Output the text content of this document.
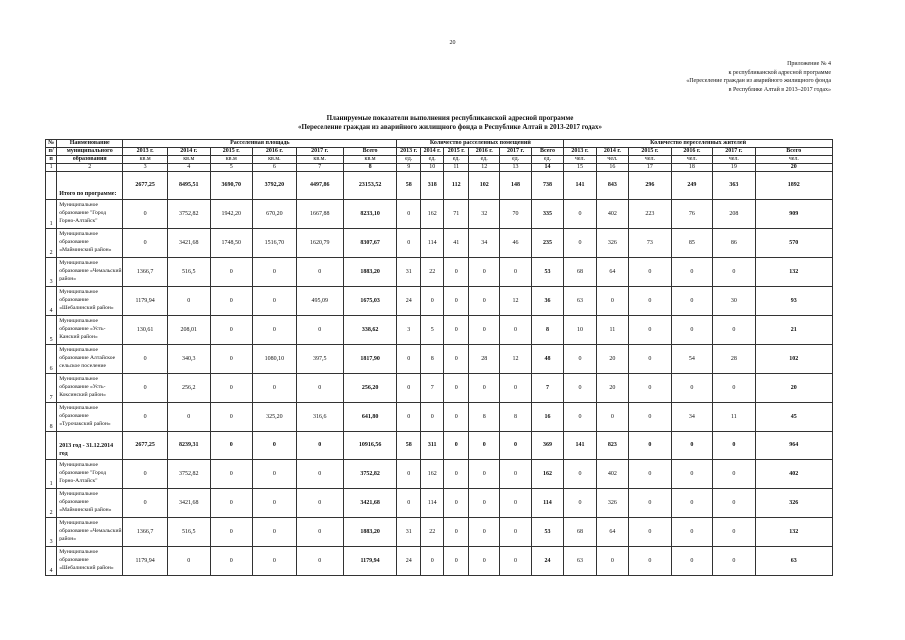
20
Приложение № 4
к республиканской адресной программе
«Переселение граждан из аварийного жилищного фонда
в Республике Алтай в 2013–2017 годах»
Планируемые показатели выполнения республиканской адресной программе
«Переселение граждан из аварийного жилищного фонда в Республике Алтай в 2013-2017 годах»
№	Наименование	Расселенная площадь						Количество расселенных помещений						Количество переселенных жителей					
п/	муниципального	2013 г.	2014 г.	2015 г.	2016 г.	2017 г.	Всего	2013 г.	2014 г.	2015 г.	2016 г.	2017 г.	Всего	2013 г.	2014 г.	2015 г.	2016 г.	2017 г.	Всего
п	образования	кв.м	кв.м	кв.м	кв.м.	кв.м.	кв.м	ед.	ед.	ед.	ед.	ед.	ед.	чел.	чел.	чел.	чел.	чел.	чел.
1	2	3	4	5	6	7	8	9	10	11	12	13	14	15	16	17	18	19	20
	Итого по программе:	2677,25	8495,51	3690,70	3792,20	4497,86	23153,52	58	318	112	102	148	738	141	843	296	249	363	1892
1	Муниципальное образование "Город Горно-Алтайск"	0	3752,82	1942,20	670,20	1667,88	8233,10	0	162	71	32	70	335	0	402	223	76	208	909
2	Муниципальное образование «Майминский район»	0	3421,68	1748,50	1516,70	1620,79	8307,67	0	114	41	34	46	235	0	326	73	85	86	570
3	Муниципальное образование «Чемальский район»	1366,7	516,5	0	0	0	1883,20	31	22	0	0	0	53	68	64	0	0	0	132
4	Муниципальное образование «Шебалинский район»	1179,94	0	0	0	495,09	1675,03	24	0	0	0	12	36	63	0	0	0	30	93
5	Муниципальное образование «Усть-Канский район»	130,61	208,01	0	0	0	338,62	3	5	0	0	0	8	10	11	0	0	0	21
6	Муниципальное образование Алтайское сельское поселение	0	340,3	0	1080,10	397,5	1817,90	0	8	0	28	12	48	0	20	0	54	28	102
7	Муниципальное образование «Усть-Коксинский район»	0	256,2	0	0	0	256,20	0	7	0	0	0	7	0	20	0	0	0	20
8	Муниципальное образование «Турочакский район»	0	0	0	325,20	316,6	641,80	0	0	0	8	8	16	0	0	0	34	11	45
	2013 год - 31.12.2014 год	2677,25	8239,31	0	0	0	10916,56	58	311	0	0	0	369	141	823	0	0	0	964
1	Муниципальное образование "Город Горно-Алтайск"	0	3752,82	0	0	0	3752,82	0	162	0	0	0	162	0	402	0	0	0	402
2	Муниципальное образование «Майминский район»	0	3421,68	0	0	0	3421,68	0	114	0	0	0	114	0	326	0	0	0	326
3	Муниципальное образование «Чемальский район»	1366,7	516,5	0	0	0	1883,20	31	22	0	0	0	53	68	64	0	0	0	132
4	Муниципальное образование «Шебалинский район»	1179,94	0	0	0	0	1179,94	24	0	0	0	0	24	63	0	0	0	0	63
